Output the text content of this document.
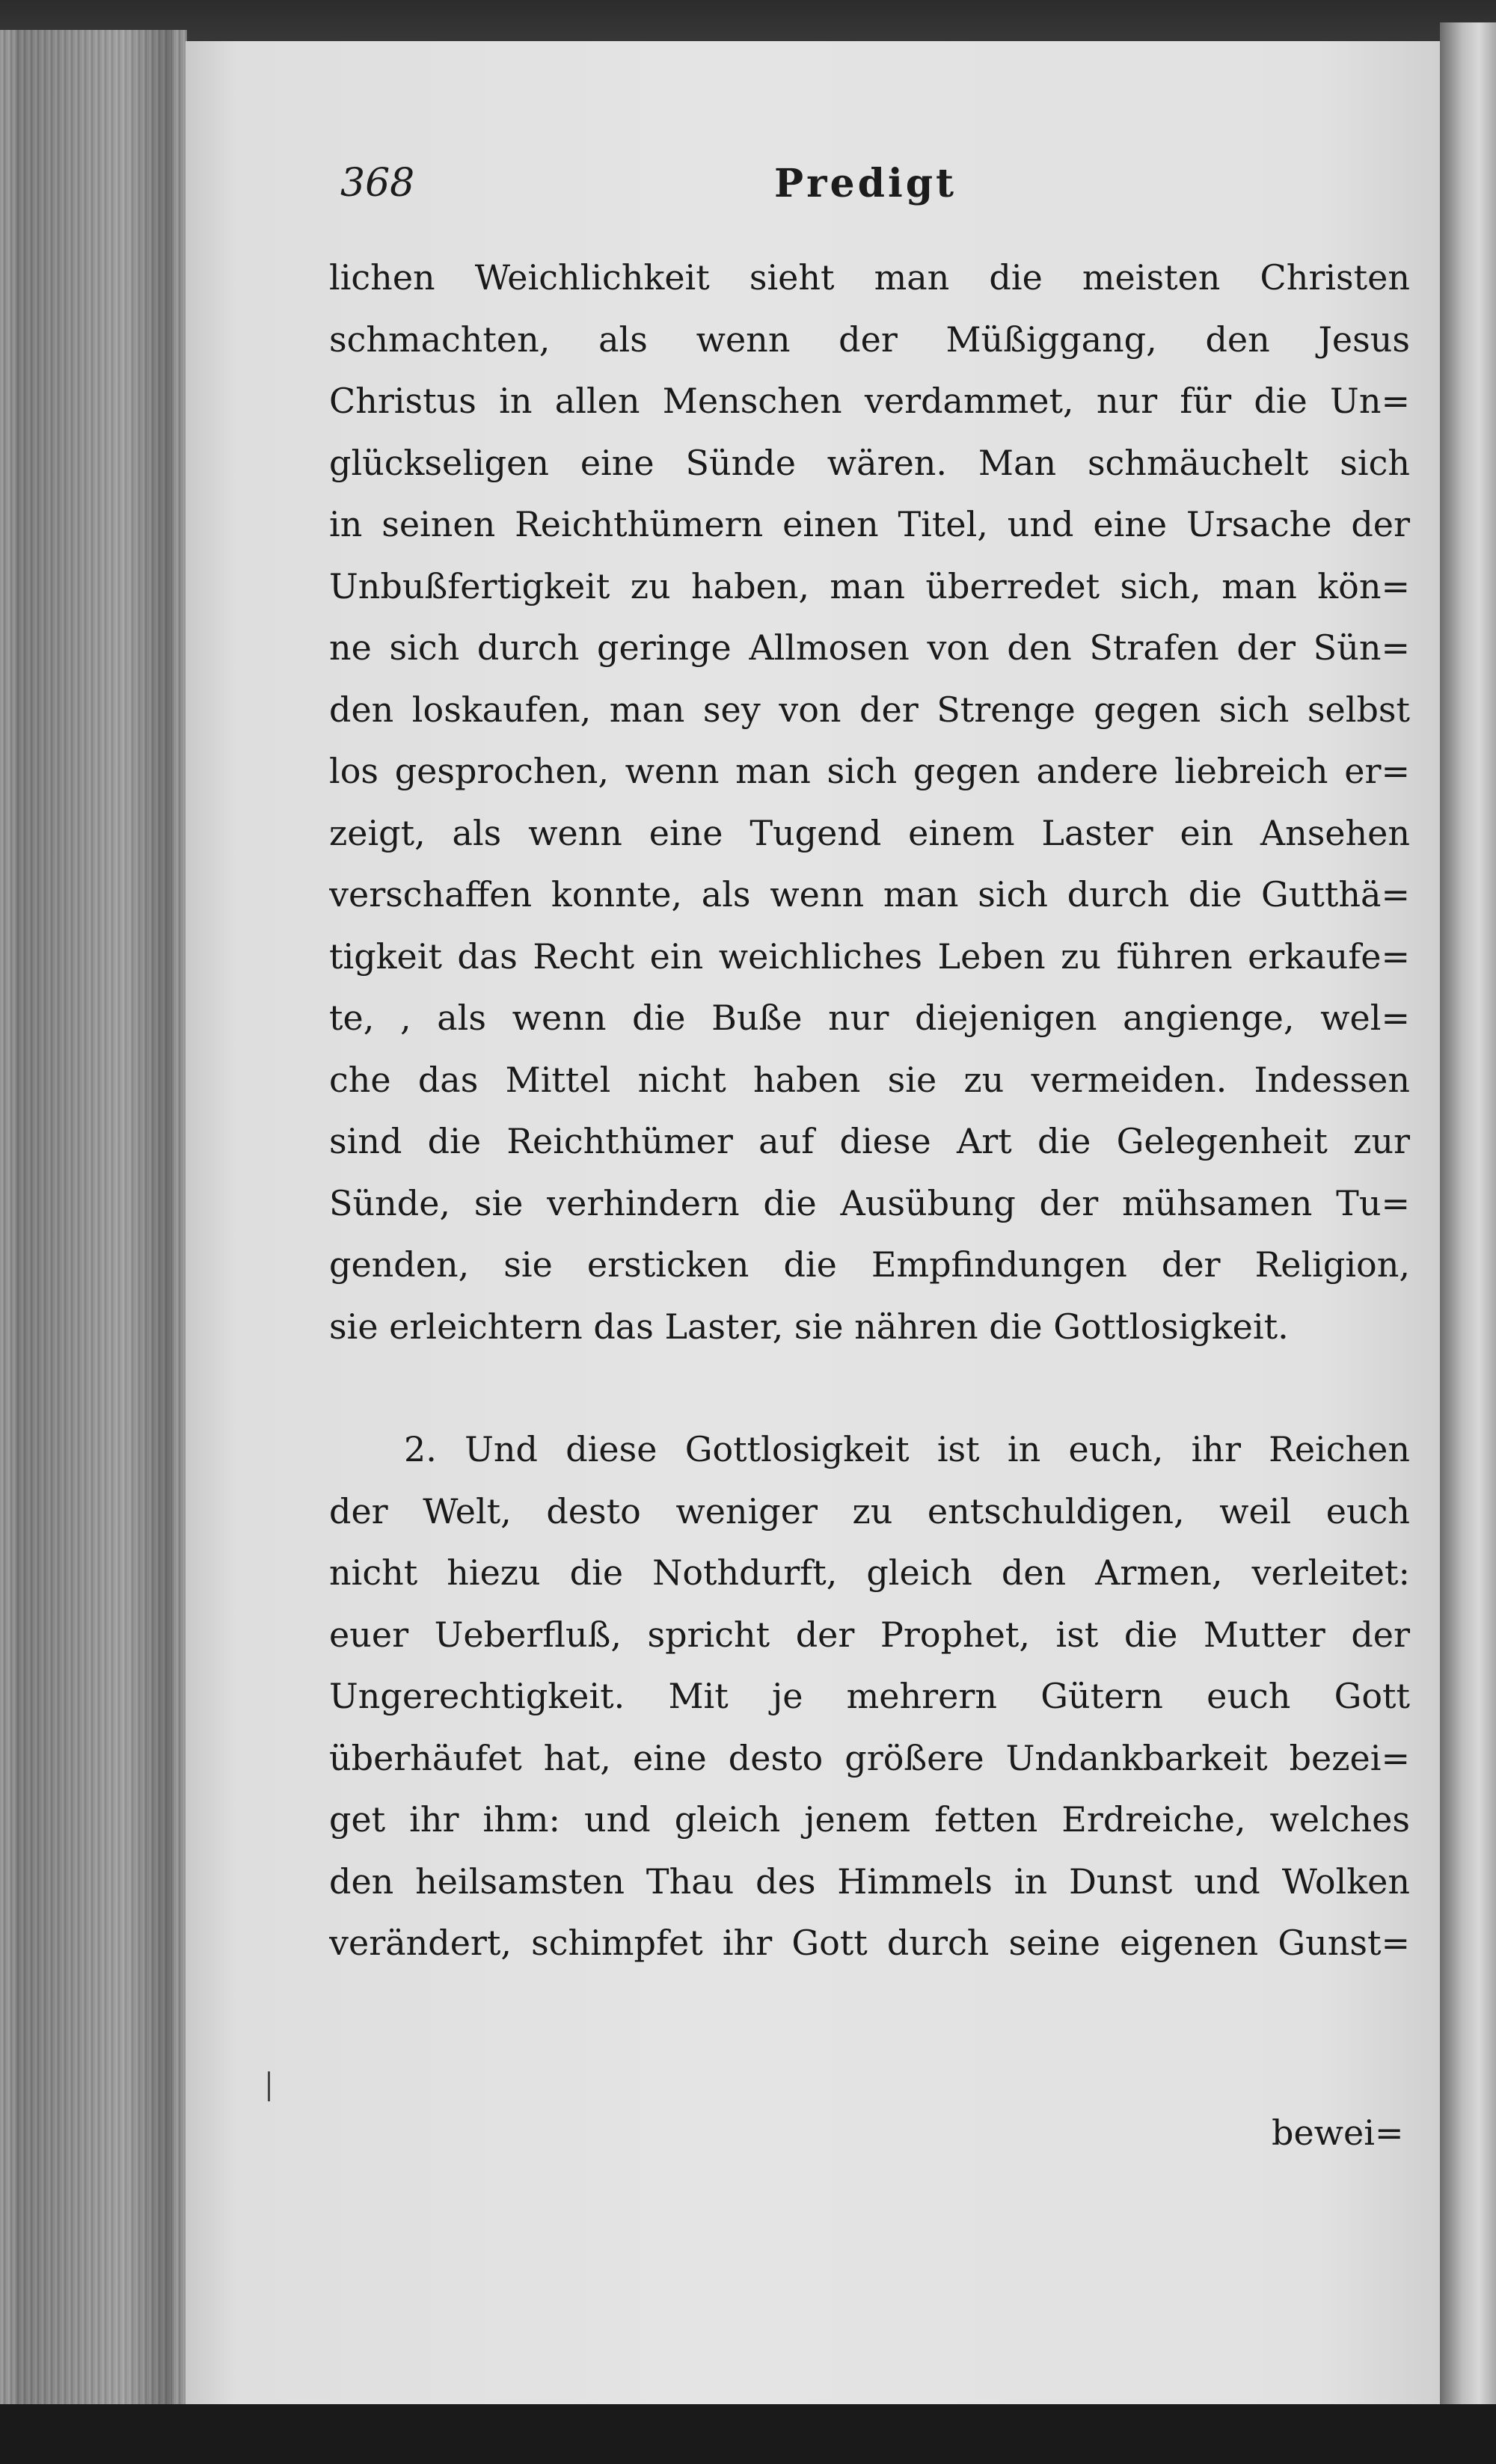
368	Predigt
lichen Weichlichkeit sieht man die meisten Christen
schmachten, als wenn der Müßiggang, den Jesus
Christus in allen Menschen verdammet, nur für die Un=
glückseligen eine Sünde wären. Man schmäuchelt sich
in seinen Reichthümern einen Titel, und eine Ursache der
Unbußfertigkeit zu haben, man überredet sich, man kön=
ne sich durch geringe Allmosen von den Strafen der Sün=
den loskaufen, man sey von der Strenge gegen sich selbst
los gesprochen, wenn man sich gegen andere liebreich er=
zeigt, als wenn eine Tugend einem Laster ein Ansehen
verschaffen konnte, als wenn man sich durch die Gutthä=
tigkeit das Recht ein weichliches Leben zu führen erkaufe=
te, , als wenn die Buße nur diejenigen angienge, wel=
che das Mittel nicht haben sie zu vermeiden. Indessen
sind die Reichthümer auf diese Art die Gelegenheit zur
Sünde, sie verhindern die Ausübung der mühsamen Tu=
genden, sie ersticken die Empfindungen der Religion,
sie erleichtern das Laster, sie nähren die Gottlosigkeit.
2. Und diese Gottlosigkeit ist in euch, ihr Reichen
der Welt, desto weniger zu entschuldigen, weil euch
nicht hiezu die Nothdurft, gleich den Armen, verleitet:
euer Ueberfluß, spricht der Prophet, ist die Mutter der
Ungerechtigkeit. Mit je mehrern Gütern euch Gott
überhäufet hat, eine desto größere Undankbarkeit bezei=
get ihr ihm: und gleich jenem fetten Erdreiche, welches
den heilsamsten Thau des Himmels in Dunst und Wolken
verändert, schimpfet ihr Gott durch seine eigenen Gunst=
bewei=
